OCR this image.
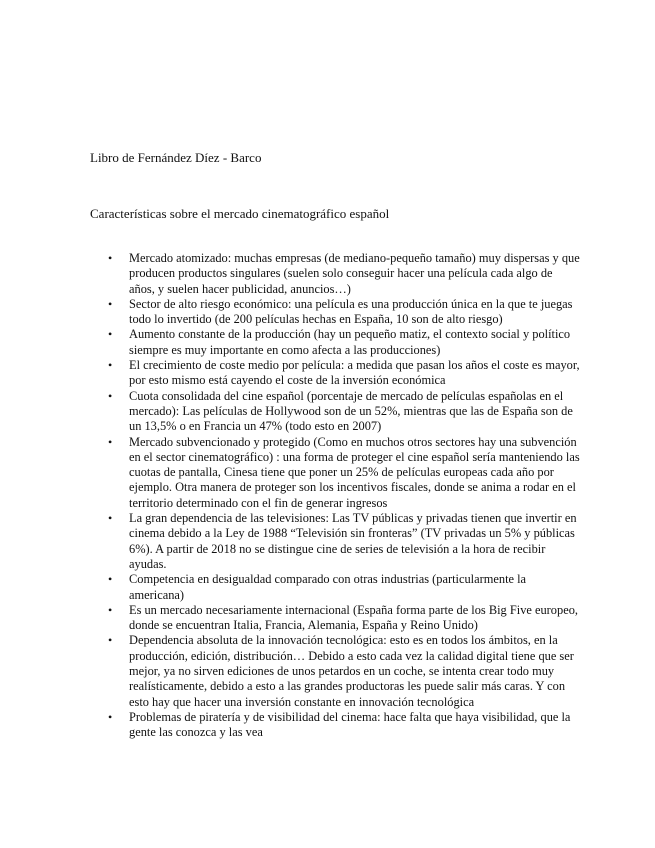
Libro de Fernández Díez - Barco
Características sobre el mercado cinematográfico español
• Mercado atomizado: muchas empresas (de mediano-pequeño tamaño) muy dispersas y que producen productos singulares (suelen solo conseguir hacer una película cada algo de años, y suelen hacer publicidad, anuncios…)
• Sector de alto riesgo económico: una película es una producción única en la que te juegas todo lo invertido (de 200 películas hechas en España, 10 son de alto riesgo)
• Aumento constante de la producción (hay un pequeño matiz, el contexto social y político siempre es muy importante en como afecta a las producciones)
• El crecimiento de coste medio por película: a medida que pasan los años el coste es mayor, por esto mismo está cayendo el coste de la inversión económica
• Cuota consolidada del cine español (porcentaje de mercado de películas españolas en el mercado): Las películas de Hollywood son de un 52%, mientras que las de España son de un 13,5% o en Francia un 47% (todo esto en 2007)
• Mercado subvencionado y protegido (Como en muchos otros sectores hay una subvención en el sector cinematográfico) : una forma de proteger el cine español sería manteniendo las cuotas de pantalla, Cinesa tiene que poner un 25% de películas europeas cada año por ejemplo. Otra manera de proteger son los incentivos fiscales, donde se anima a rodar en el territorio determinado con el fin de generar ingresos
• La gran dependencia de las televisiones: Las TV públicas y privadas tienen que invertir en cinema debido a la Ley de 1988 “Televisión sin fronteras” (TV privadas un 5% y públicas 6%). A partir de 2018 no se distingue cine de series de televisión a la hora de recibir ayudas.
• Competencia en desigualdad comparado con otras industrias (particularmente la americana)
• Es un mercado necesariamente internacional (España forma parte de los Big Five europeo, donde se encuentran Italia, Francia, Alemania, España y Reino Unido)
• Dependencia absoluta de la innovación tecnológica: esto es en todos los ámbitos, en la producción, edición, distribución… Debido a esto cada vez la calidad digital tiene que ser mejor, ya no sirven ediciones de unos petardos en un coche, se intenta crear todo muy realísticamente, debido a esto a las grandes productoras les puede salir más caras. Y con esto hay que hacer una inversión constante en innovación tecnológica
• Problemas de piratería y de visibilidad del cinema: hace falta que haya visibilidad, que la gente las conozca y las vea
